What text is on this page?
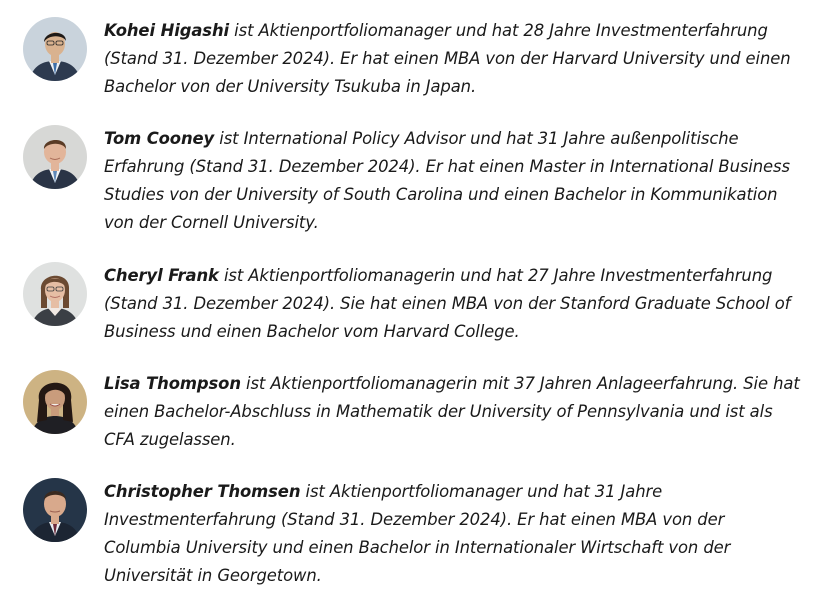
Kohei Higashi ist Aktienportfoliomanager und hat 28 Jahre Investmenterfahrung (Stand 31. Dezember 2024). Er hat einen MBA von der Harvard University und einen Bachelor von der University Tsukuba in Japan.

Tom Cooney ist International Policy Advisor und hat 31 Jahre außenpolitische Erfahrung (Stand 31. Dezember 2024). Er hat einen Master in International Business Studies von der University of South Carolina und einen Bachelor in Kommunikation von der Cornell University.

Cheryl Frank ist Aktienportfoliomanagerin und hat 27 Jahre Investmenterfahrung (Stand 31. Dezember 2024). Sie hat einen MBA von der Stanford Graduate School of Business und einen Bachelor vom Harvard College.

Lisa Thompson ist Aktienportfoliomanagerin mit 37 Jahren Anlageerfahrung. Sie hat einen Bachelor-Abschluss in Mathematik der University of Pennsylvania und ist als CFA zugelassen.

Christopher Thomsen ist Aktienportfoliomanager und hat 31 Jahre Investmenterfahrung (Stand 31. Dezember 2024). Er hat einen MBA von der Columbia University und einen Bachelor in Internationaler Wirtschaft von der Universität in Georgetown.
